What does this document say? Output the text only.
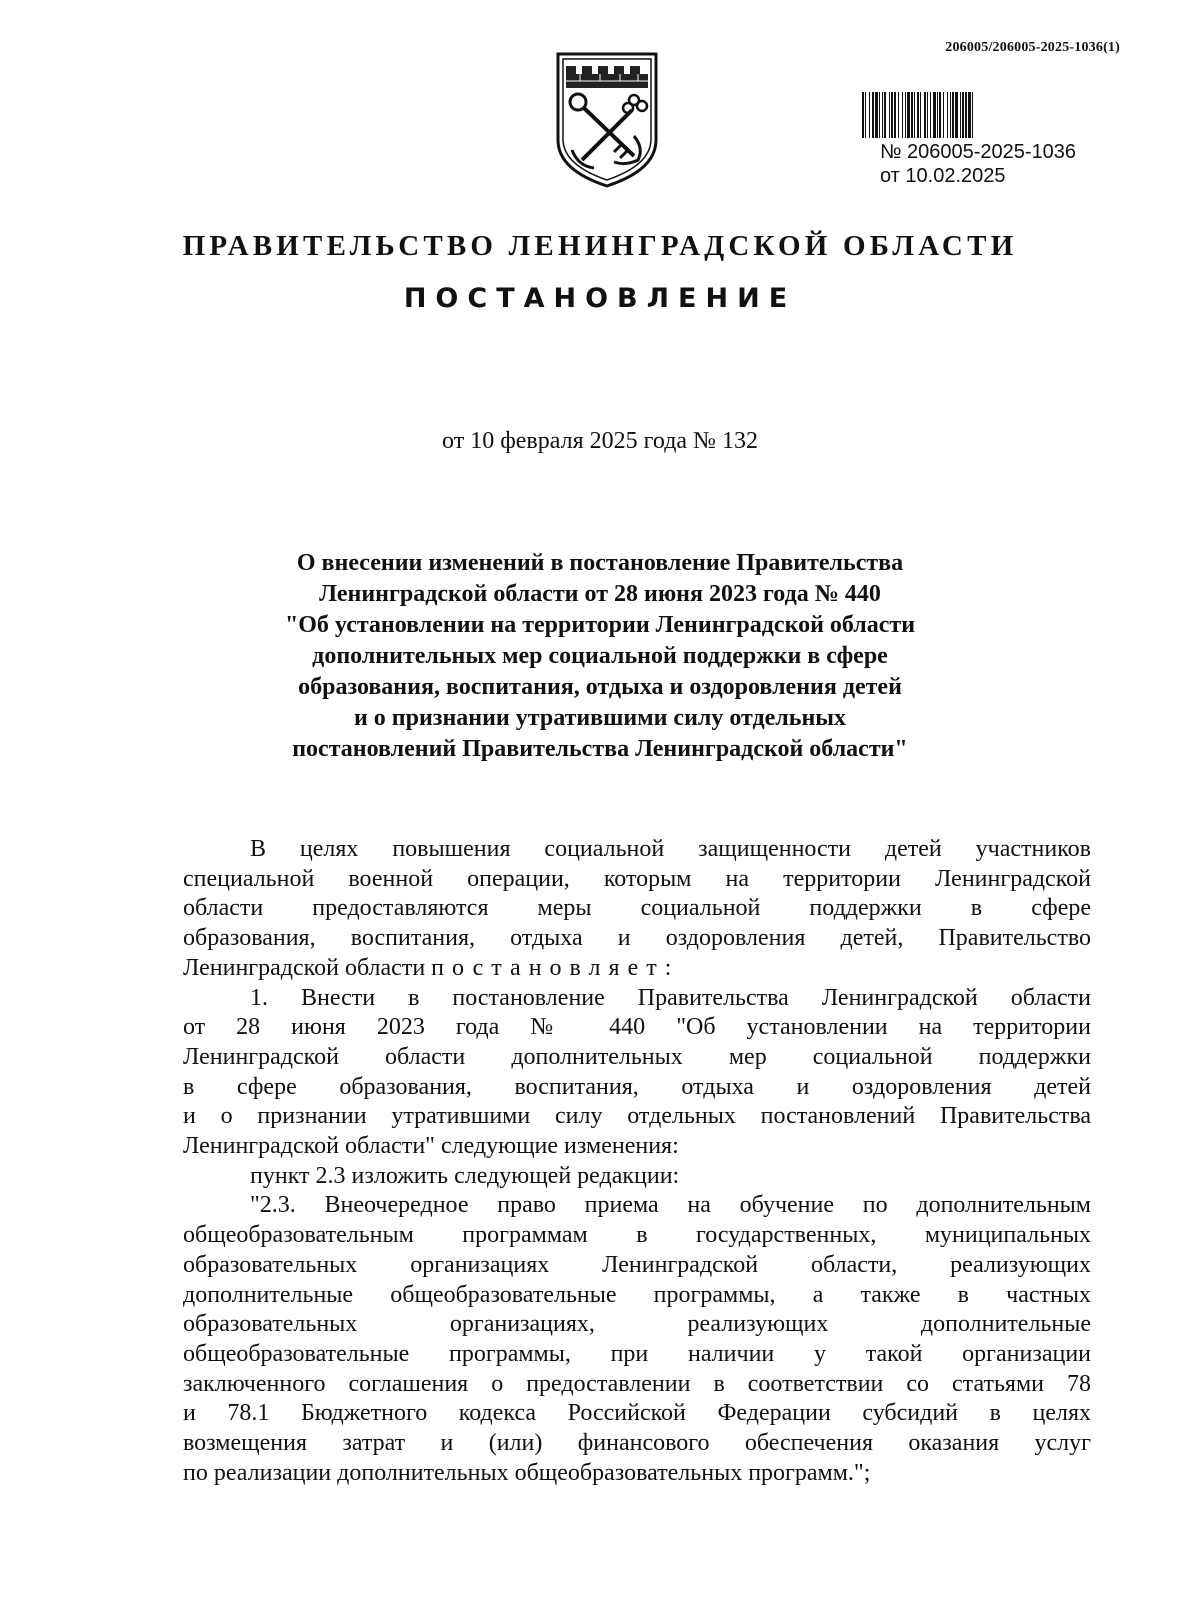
206005/206005-2025-1036(1)
№ 206005-2025-1036
от 10.02.2025
ПРАВИТЕЛЬСТВО ЛЕНИНГРАДСКОЙ ОБЛАСТИ
ПОСТАНОВЛЕНИЕ
от 10 февраля 2025 года № 132
О внесении изменений в постановление Правительства
Ленинградской области от 28 июня 2023 года № 440
"Об установлении на территории Ленинградской области
дополнительных мер социальной поддержки в сфере
образования, воспитания, отдыха и оздоровления детей
и о признании утратившими силу отдельных
постановлений Правительства Ленинградской области"
В целях повышения социальной защищенности детей участников
специальной военной операции, которым на территории Ленинградской
области предоставляются меры социальной поддержки в сфере
образования, воспитания, отдыха и оздоровления детей, Правительство
Ленинградской области постановляет:
1. Внести в постановление Правительства Ленинградской области
от 28 июня 2023 года № 440 "Об установлении на территории
Ленинградской области дополнительных мер социальной поддержки
в сфере образования, воспитания, отдыха и оздоровления детей
и о признании утратившими силу отдельных постановлений Правительства
Ленинградской области" следующие изменения:
пункт 2.3 изложить следующей редакции:
"2.3. Внеочередное право приема на обучение по дополнительным
общеобразовательным программам в государственных, муниципальных
образовательных организациях Ленинградской области, реализующих
дополнительные общеобразовательные программы, а также в частных
образовательных организациях, реализующих дополнительные
общеобразовательные программы, при наличии у такой организации
заключенного соглашения о предоставлении в соответствии со статьями 78
и 78.1 Бюджетного кодекса Российской Федерации субсидий в целях
возмещения затрат и (или) финансового обеспечения оказания услуг
по реализации дополнительных общеобразовательных программ.";
